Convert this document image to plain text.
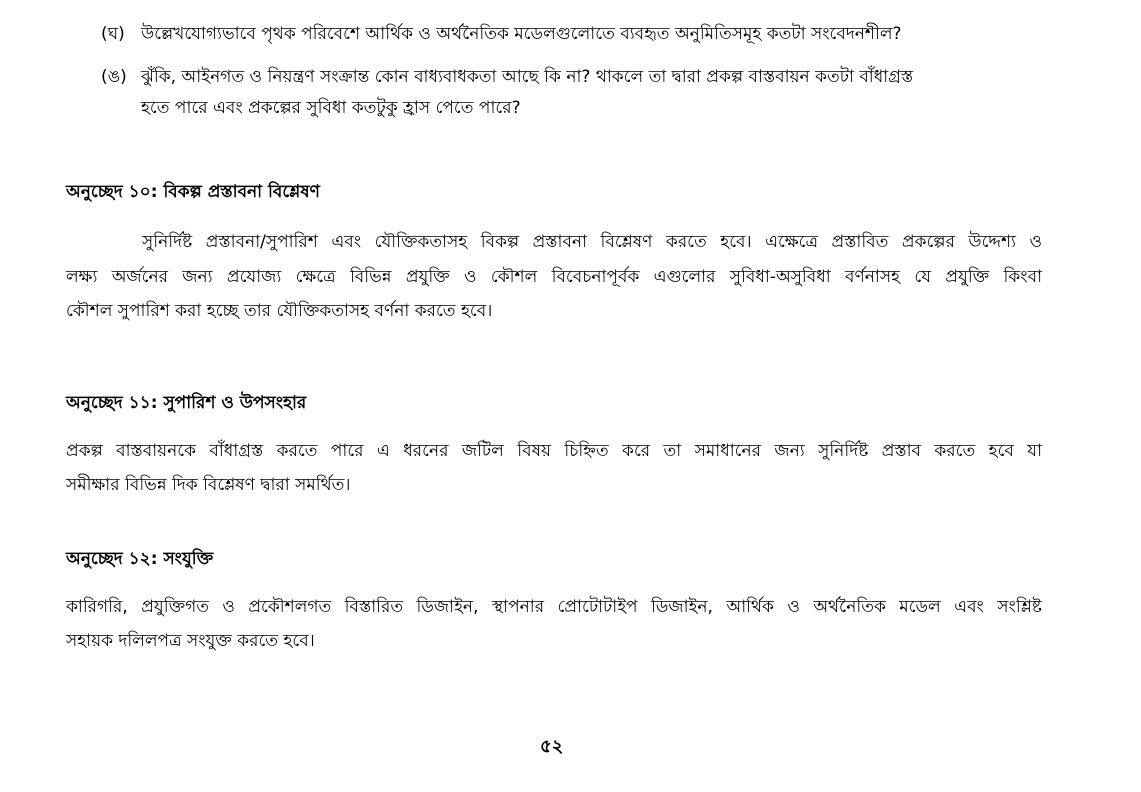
(ঘ) উল্লেখযোগ্যভাবে পৃথক পরিবেশে আর্থিক ও অর্থনৈতিক মডেলগুলোতে ব্যবহৃত অনুমিতিসমূহ কতটা সংবেদনশীল?
(ঙ) ঝুঁকি, আইনগত ও নিয়ন্ত্রণ সংক্রান্ত কোন বাধ্যবাধকতা আছে কি না? থাকলে তা দ্বারা প্রকল্প বাস্তবায়ন কতটা বাঁধাগ্রস্ত
হতে পারে এবং প্রকল্পের সুবিধা কতটুকু হ্রাস পেতে পারে?
অনুচ্ছেদ ১০: বিকল্প প্রস্তাবনা বিশ্লেষণ
সুনির্দিষ্ট প্রস্তাবনা/সুপারিশ এবং যৌক্তিকতাসহ বিকল্প প্রস্তাবনা বিশ্লেষণ করতে হবে। এক্ষেত্রে প্রস্তাবিত প্রকল্পের উদ্দেশ্য ও
লক্ষ্য অর্জনের জন্য প্রযোজ্য ক্ষেত্রে বিভিন্ন প্রযুক্তি ও কৌশল বিবেচনাপূর্বক এগুলোর সুবিধা-অসুবিধা বর্ণনাসহ যে প্রযুক্তি কিংবা
কৌশল সুপারিশ করা হচ্ছে তার যৌক্তিকতাসহ বর্ণনা করতে হবে।
অনুচ্ছেদ ১১: সুপারিশ ও উপসংহার
প্রকল্প বাস্তবায়নকে বাঁধাগ্রস্ত করতে পারে এ ধরনের জটিল বিষয় চিহ্নিত করে তা সমাধানের জন্য সুনির্দিষ্ট প্রস্তাব করতে হবে যা
সমীক্ষার বিভিন্ন দিক বিশ্লেষণ দ্বারা সমর্থিত।
অনুচ্ছেদ ১২: সংযুক্তি
কারিগরি, প্রযুক্তিগত ও প্রকৌশলগত বিস্তারিত ডিজাইন, স্থাপনার প্রোটোটাইপ ডিজাইন, আর্থিক ও অর্থনৈতিক মডেল এবং সংশ্লিষ্ট
সহায়ক দলিলপত্র সংযুক্ত করতে হবে।
৫২
